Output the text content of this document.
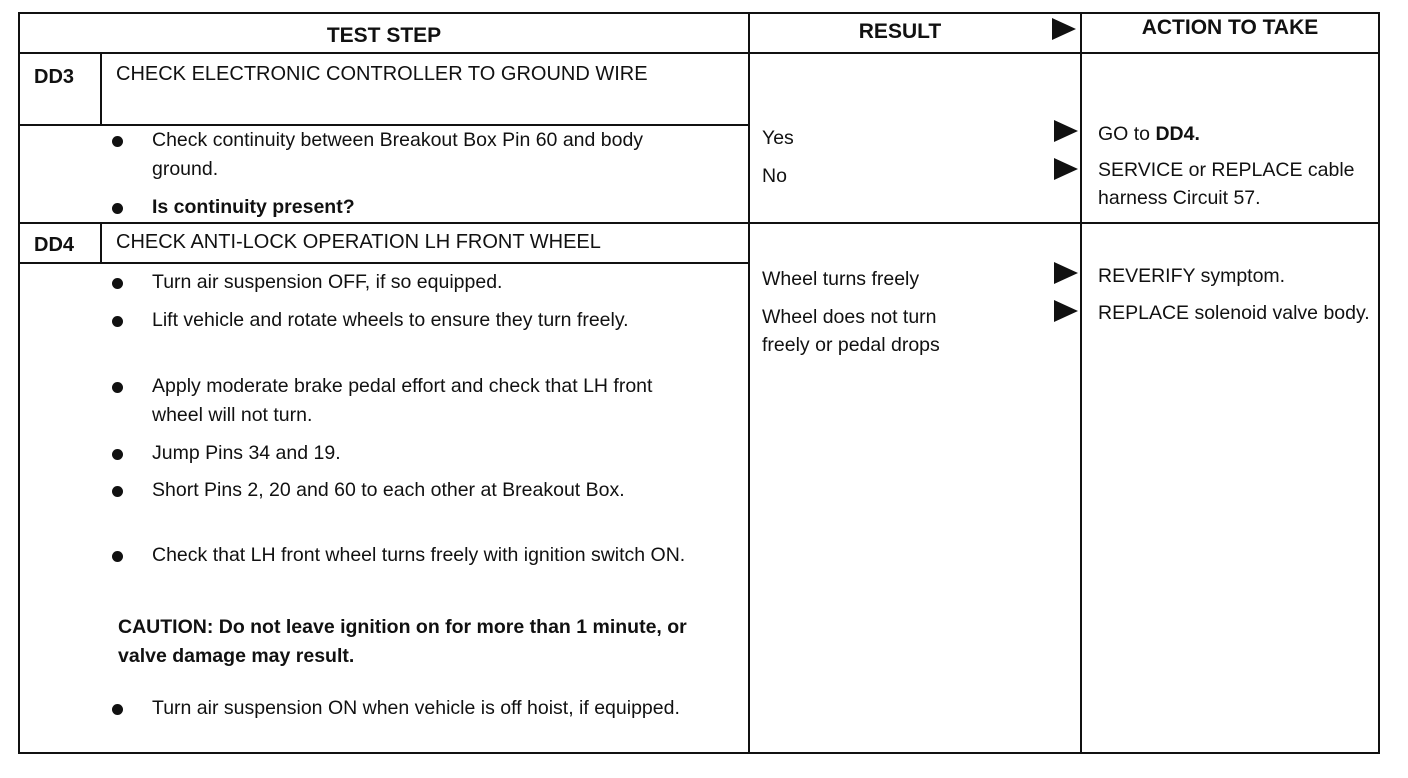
TEST STEP	RESULT	ACTION TO TAKE
DD3 CHECK ELECTRONIC CONTROLLER TO GROUND WIRE
Check continuity between Breakout Box Pin 60 and body ground.
Is continuity present?
Yes
No
GO to DD4.
SERVICE or REPLACE cable harness Circuit 57.
DD4 CHECK ANTI-LOCK OPERATION LH FRONT WHEEL
Turn air suspension OFF, if so equipped.
Lift vehicle and rotate wheels to ensure they turn freely.
Apply moderate brake pedal effort and check that LH front wheel will not turn.
Jump Pins 34 and 19.
Short Pins 2, 20 and 60 to each other at Breakout Box.
Check that LH front wheel turns freely with ignition switch ON.
CAUTION: Do not leave ignition on for more than 1 minute, or valve damage may result.
Turn air suspension ON when vehicle is off hoist, if equipped.
Wheel turns freely
Wheel does not turn freely or pedal drops
REVERIFY symptom.
REPLACE solenoid valve body.
